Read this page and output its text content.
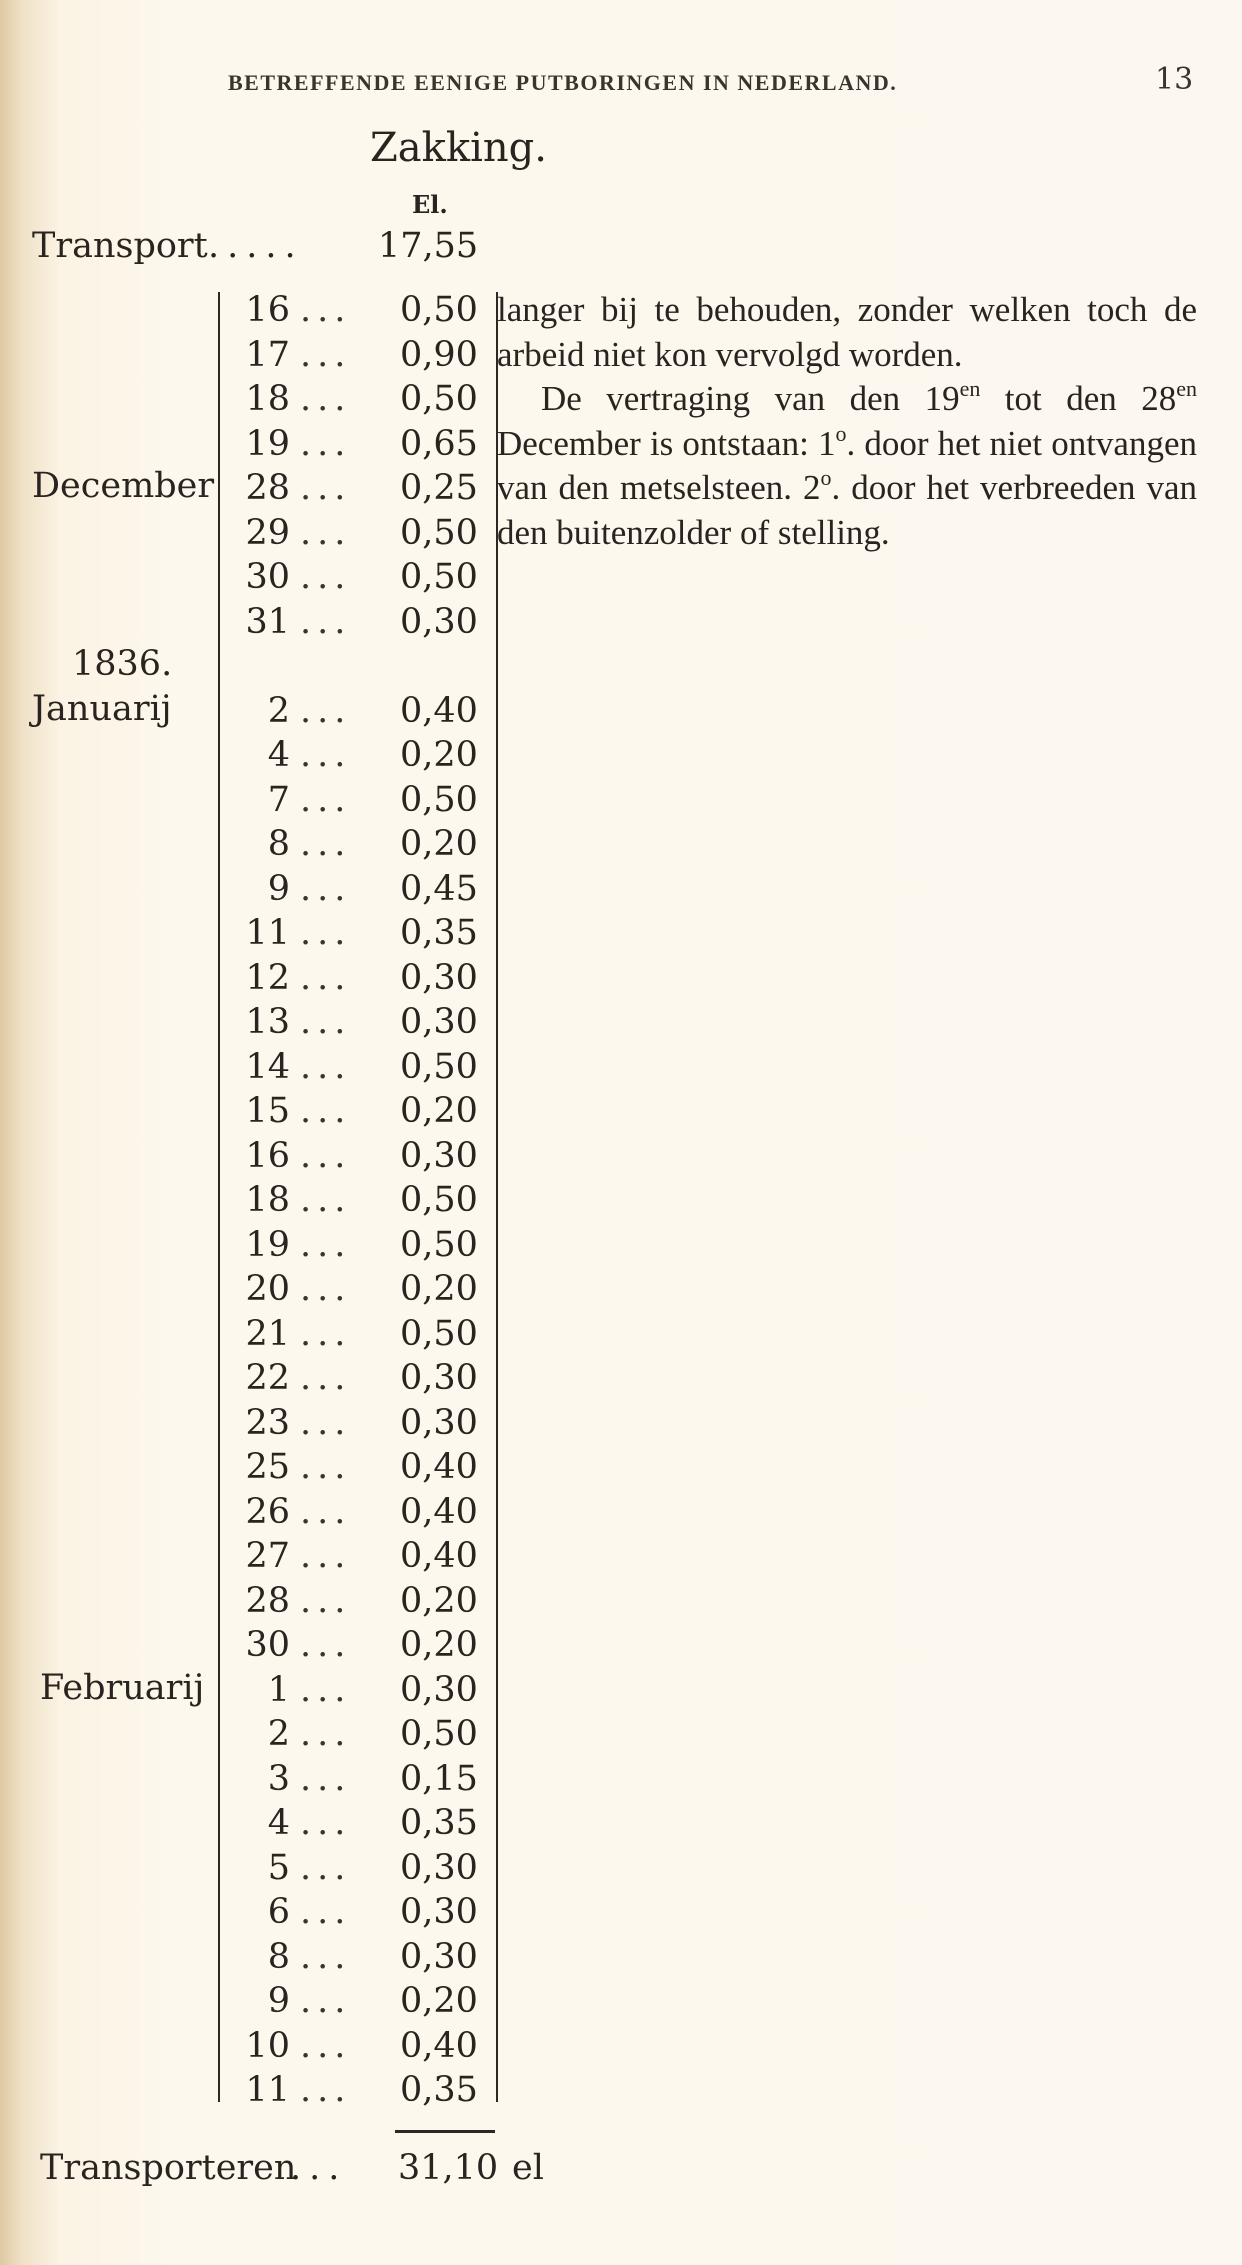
BETREFFENDE EENIGE PUTBORINGEN IN NEDERLAND.	13
Zakking.
El.
Transport ..... 17,55
December
16 ... 0,50
17 ... 0,90
18 ... 0,50
19 ... 0,65
28 ... 0,25
29 ... 0,50
30 ... 0,50
31 ... 0,30
Januarij
1836.
2 ... 0,40
4 ... 0,20
7 ... 0,50
8 ... 0,20
9 ... 0,45
11 ... 0,35
12 ... 0,30
13 ... 0,30
14 ... 0,50
15 ... 0,20
16 ... 0,30
18 ... 0,50
19 ... 0,50
20 ... 0,20
21 ... 0,50
22 ... 0,30
23 ... 0,30
25 ... 0,40
26 ... 0,40
27 ... 0,40
28 ... 0,20
30 ... 0,20
Februarij	1 ... 0,30
2 ... 0,50
3 ... 0,15
4 ... 0,35
5 ... 0,30
6 ... 0,30
8 ... 0,30
9 ... 0,20
10 ... 0,40
11 ... 0,35

langer bij te behouden, zonder welken toch de arbeid niet kon vervolgd worden.

De vertraging van den $19^{en}$ tot den $28^{en}$ December is ontstaan: 1$^o$. door het niet ontvangen van den metselsteen. 2$^o$. door het verbreeden van den buitenzolder of stelling.

Transporteren
... 31,10 el
